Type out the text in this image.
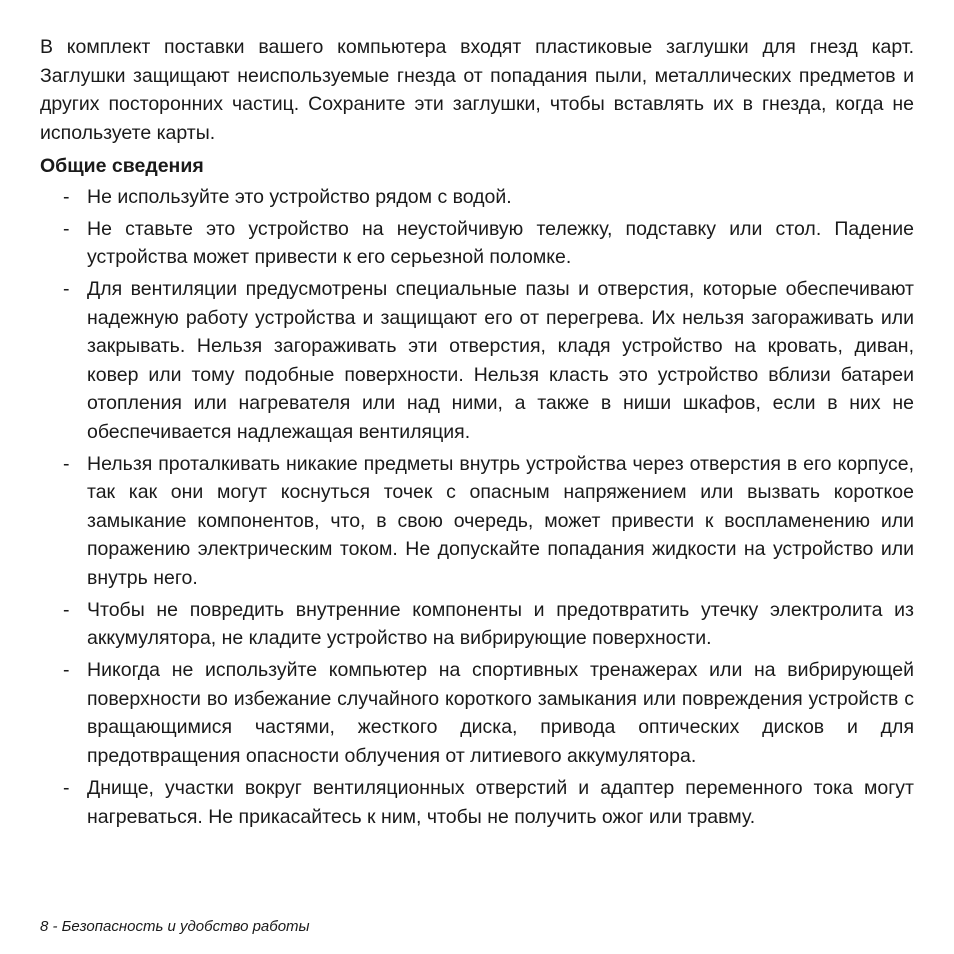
В комплект поставки вашего компьютера входят пластиковые заглушки для гнезд карт. Заглушки защищают неиспользуемые гнезда от попадания пыли, металлических предметов и других посторонних частиц. Сохраните эти заглушки, чтобы вставлять их в гнезда, когда не используете карты.

Общие сведения
- Не используйте это устройство рядом с водой.
- Не ставьте это устройство на неустойчивую тележку, подставку или стол. Падение устройства может привести к его серьезной поломке.
- Для вентиляции предусмотрены специальные пазы и отверстия, которые обеспечивают надежную работу устройства и защищают его от перегрева. Их нельзя загораживать или закрывать. Нельзя загораживать эти отверстия, кладя устройство на кровать, диван, ковер или тому подобные поверхности. Нельзя класть это устройство вблизи батареи отопления или нагревателя или над ними, а также в ниши шкафов, если в них не обеспечивается надлежащая вентиляция.
- Нельзя проталкивать никакие предметы внутрь устройства через отверстия в его корпусе, так как они могут коснуться точек с опасным напряжением или вызвать короткое замыкание компонентов, что, в свою очередь, может привести к воспламенению или поражению электрическим током. Не допускайте попадания жидкости на устройство или внутрь него.
- Чтобы не повредить внутренние компоненты и предотвратить утечку электролита из аккумулятора, не кладите устройство на вибрирующие поверхности.
- Никогда не используйте компьютер на спортивных тренажерах или на вибрирующей поверхности во избежание случайного короткого замыкания или повреждения устройств с вращающимися частями, жесткого диска, привода оптических дисков и для предотвращения опасности облучения от литиевого аккумулятора.
- Днище, участки вокруг вентиляционных отверстий и адаптер переменного тока могут нагреваться. Не прикасайтесь к ним, чтобы не получить ожог или травму.
8 - Безопасность и удобство работы
